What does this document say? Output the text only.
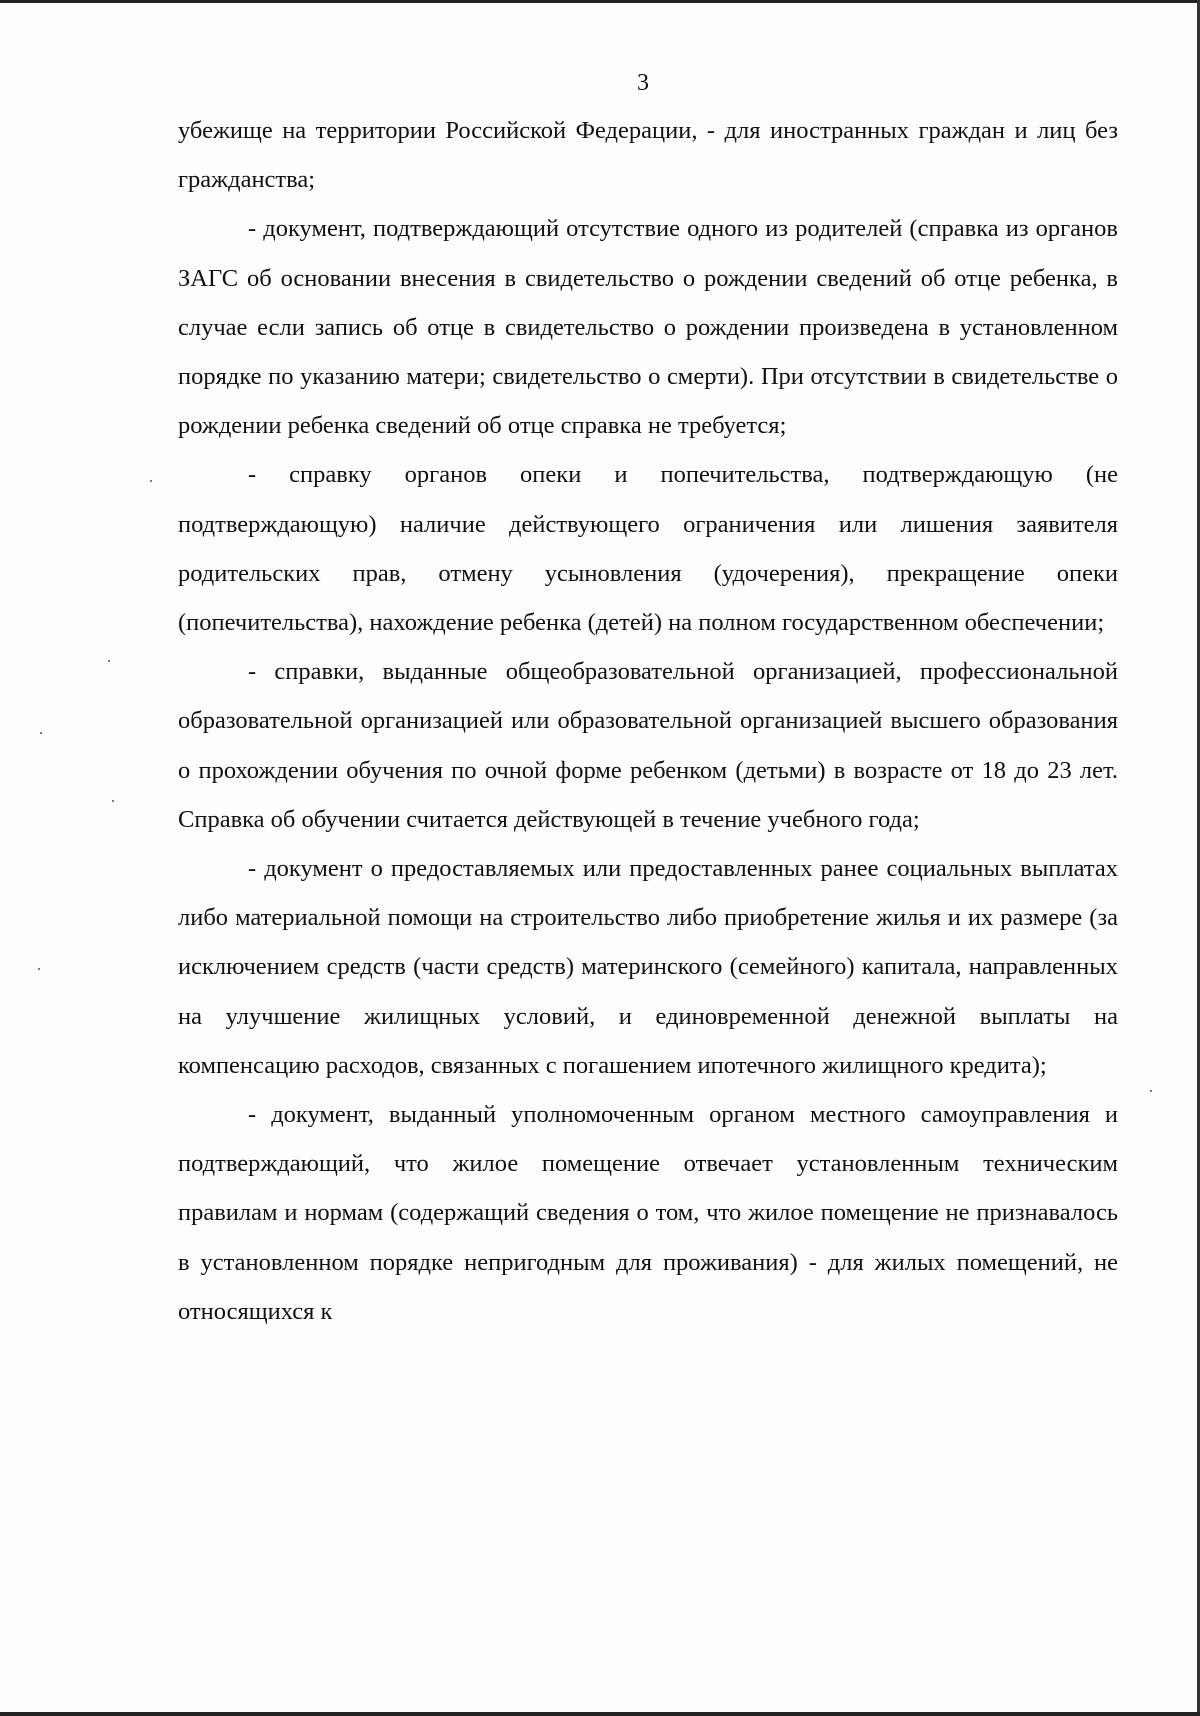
3

убежище на территории Российской Федерации, - для иностранных граждан и лиц без гражданства;

- документ, подтверждающий отсутствие одного из родителей (справка из органов ЗАГС об основании внесения в свидетельство о рождении сведений об отце ребенка, в случае если запись об отце в свидетельство о рождении произведена в установленном порядке по указанию матери; свидетельство о смерти). При отсутствии в свидетельстве о рождении ребенка сведений об отце справка не требуется;

- справку органов опеки и попечительства, подтверждающую (не подтверждающую) наличие действующего ограничения или лишения заявителя родительских прав, отмену усыновления (удочерения), прекращение опеки (попечительства), нахождение ребенка (детей) на полном государственном обеспечении;

- справки, выданные общеобразовательной организацией, профессиональной образовательной организацией или образовательной организацией высшего образования о прохождении обучения по очной форме ребенком (детьми) в возрасте от 18 до 23 лет. Справка об обучении считается действующей в течение учебного года;

- документ о предоставляемых или предоставленных ранее социальных выплатах либо материальной помощи на строительство либо приобретение жилья и их размере (за исключением средств (части средств) материнского (семейного) капитала, направленных на улучшение жилищных условий, и единовременной денежной выплаты на компенсацию расходов, связанных с погашением ипотечного жилищного кредита);

- документ, выданный уполномоченным органом местного самоуправления и подтверждающий, что жилое помещение отвечает установленным техническим правилам и нормам (содержащий сведения о том, что жилое помещение не признавалось в установленном порядке непригодным для проживания) - для жилых помещений, не относящихся к
